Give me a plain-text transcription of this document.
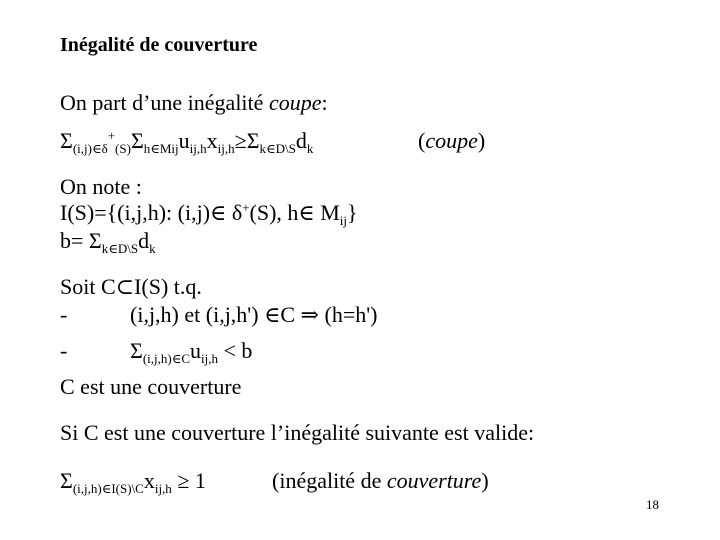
Inégalité de couverture
On part d’une inégalité coupe:
$\Sigma_{(i,j)\in\delta}^+_{(S)}\Sigma_{h\in Mij}u_{ij,h}x_{ij,h}\ge\Sigma_{k\in D\backslash S}d_k$	(coupe)
On note :
I(S)={(i,j,h): (i,j)∈ δ+(S), h∈ $M_{ij}$}
$b= \Sigma_{k\in D\backslash S}d_k$
Soit C⊂I(S) t.q.
-	(i,j,h) et (i,j,h') ∈C ⇒ (h=h')
-	$\Sigma_{(i,j,h)\in C}u_{ij,h} < b$
C est une couverture
Si C est une couverture l’inégalité suivante est valide:
$\Sigma_{(i,j,h)\in I(S)\backslash C}x_{ij,h} \ge 1$	(inégalité de couverture)
18
